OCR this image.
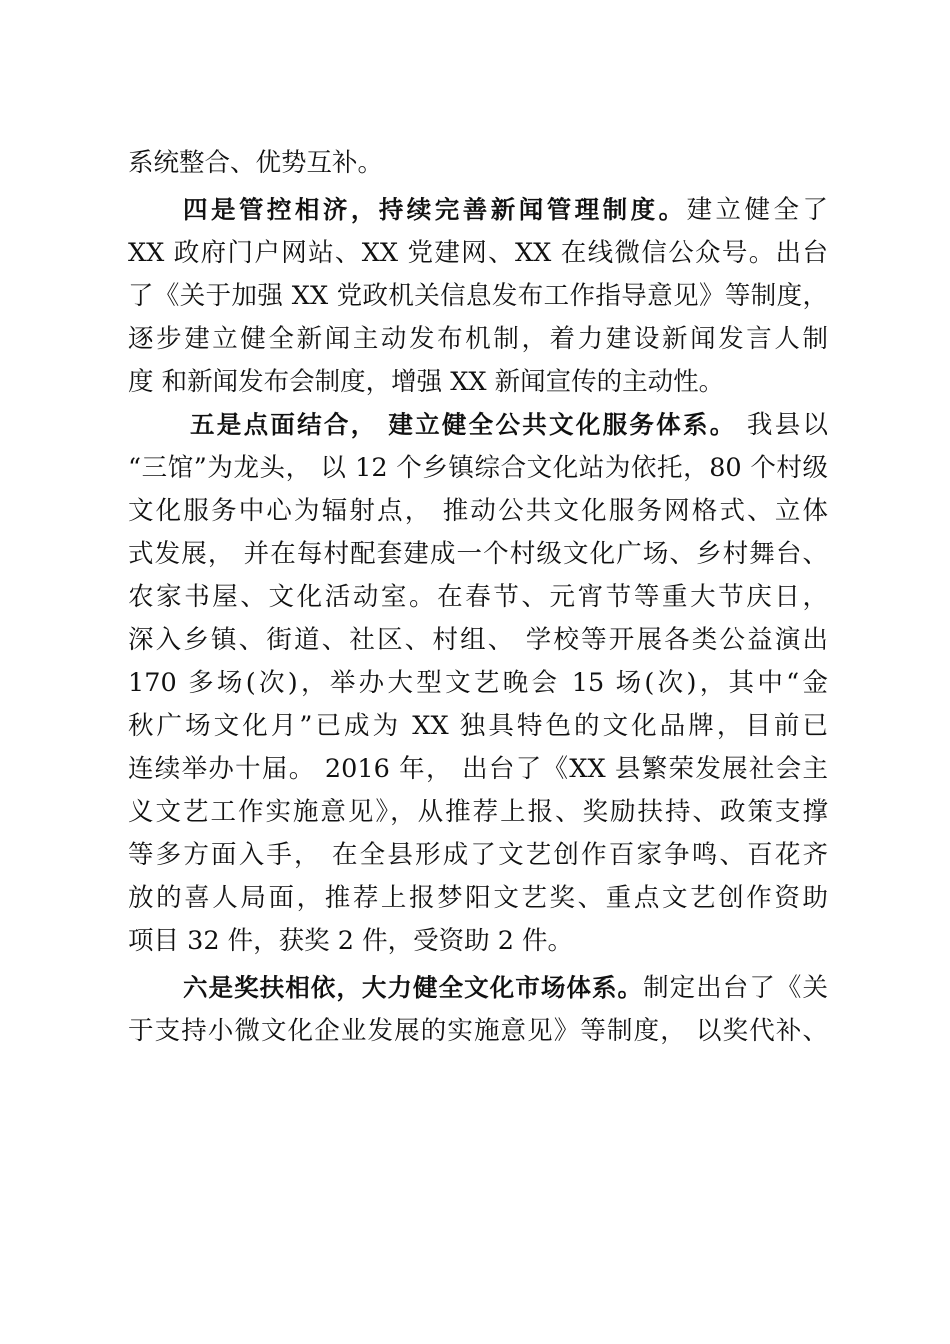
系统整合、优势互补。
四是管控相济，持续完善新闻管理制度。建立健全了
XX 政府门户网站、XX 党建网、XX 在线微信公众号。出台
了《关于加强 XX 党政机关信息发布工作指导意见》等制度，
逐步建立健全新闻主动发布机制，着力建设新闻发言人制
度 和新闻发布会制度，增强 XX 新闻宣传的主动性。
五是点面结合， 建立健全公共文化服务体系。 我县以
“三馆”为龙头， 以 12 个乡镇综合文化站为依托，80 个村级
文化服务中心为辐射点， 推动公共文化服务网格式、立体
式发展， 并在每村配套建成一个村级文化广场、乡村舞台、
农家书屋、文化活动室。在春节、元宵节等重大节庆日，
深入乡镇、街道、社区、村组、 学校等开展各类公益演出
170 多场(次)，举办大型文艺晚会 15 场(次)，其中“金
秋广场文化月”已成为 XX 独具特色的文化品牌，目前已
连续举办十届。 2016 年， 出台了《XX 县繁荣发展社会主
义文艺工作实施意见》，从推荐上报、奖励扶持、政策支撑
等多方面入手， 在全县形成了文艺创作百家争鸣、百花齐
放的喜人局面，推荐上报梦阳文艺奖、重点文艺创作资助
项目 32 件，获奖 2 件，受资助 2 件。
六是奖扶相依，大力健全文化市场体系。制定出台了《关
于支持小微文化企业发展的实施意见》等制度， 以奖代补、
